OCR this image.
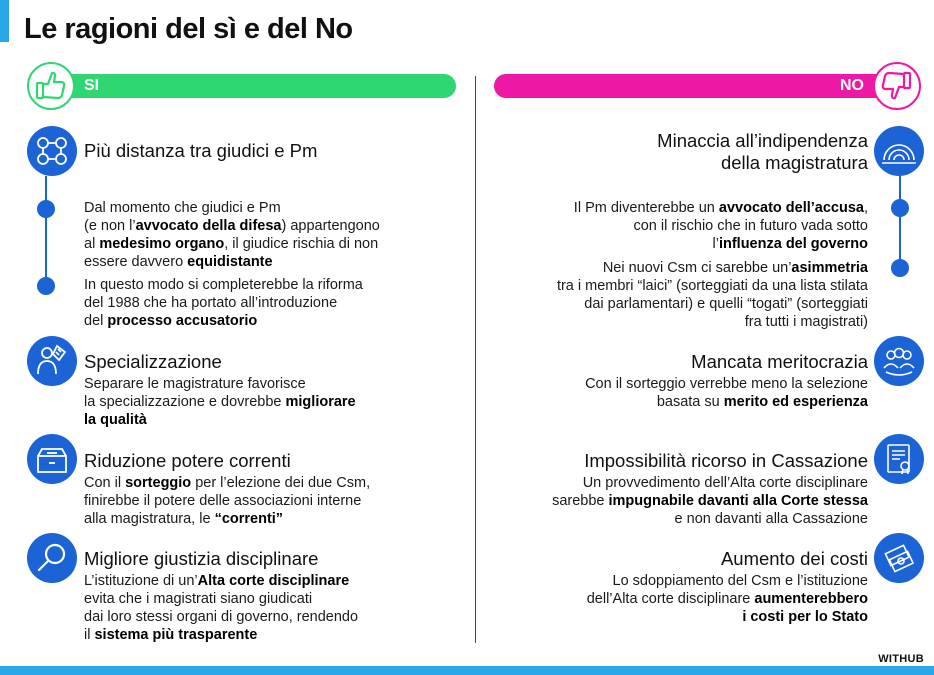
Le ragioni del sì e del No
SI	NO
Più distanza tra giudici e Pm
Dal momento che giudici e Pm
(e non l’avvocato della difesa) appartengono
al medesimo organo, il giudice rischia di non
essere davvero equidistante
In questo modo si completerebbe la riforma
del 1988 che ha portato all’introduzione
del processo accusatorio
Specializzazione
Separare le magistrature favorisce
la specializzazione e dovrebbe migliorare
la qualità
Riduzione potere correnti
Con il sorteggio per l’elezione dei due Csm,
finirebbe il potere delle associazioni interne
alla magistratura, le “correnti”
Migliore giustizia disciplinare
L’istituzione di un’Alta corte disciplinare
evita che i magistrati siano giudicati
dai loro stessi organi di governo, rendendo
il sistema più trasparente
Minaccia all’indipendenza
della magistratura
Il Pm diventerebbe un avvocato dell’accusa,
con il rischio che in futuro vada sotto
l’influenza del governo
Nei nuovi Csm ci sarebbe un’asimmetria
tra i membri “laici” (sorteggiati da una lista stilata
dai parlamentari) e quelli “togati” (sorteggiati
fra tutti i magistrati)
Mancata meritocrazia
Con il sorteggio verrebbe meno la selezione
basata su merito ed esperienza
Impossibilità ricorso in Cassazione
Un provvedimento dell’Alta corte disciplinare
sarebbe impugnabile davanti alla Corte stessa
e non davanti alla Cassazione
Aumento dei costi
Lo sdoppiamento del Csm e l’istituzione
dell’Alta corte disciplinare aumenterebbero
i costi per lo Stato
WITHUB
